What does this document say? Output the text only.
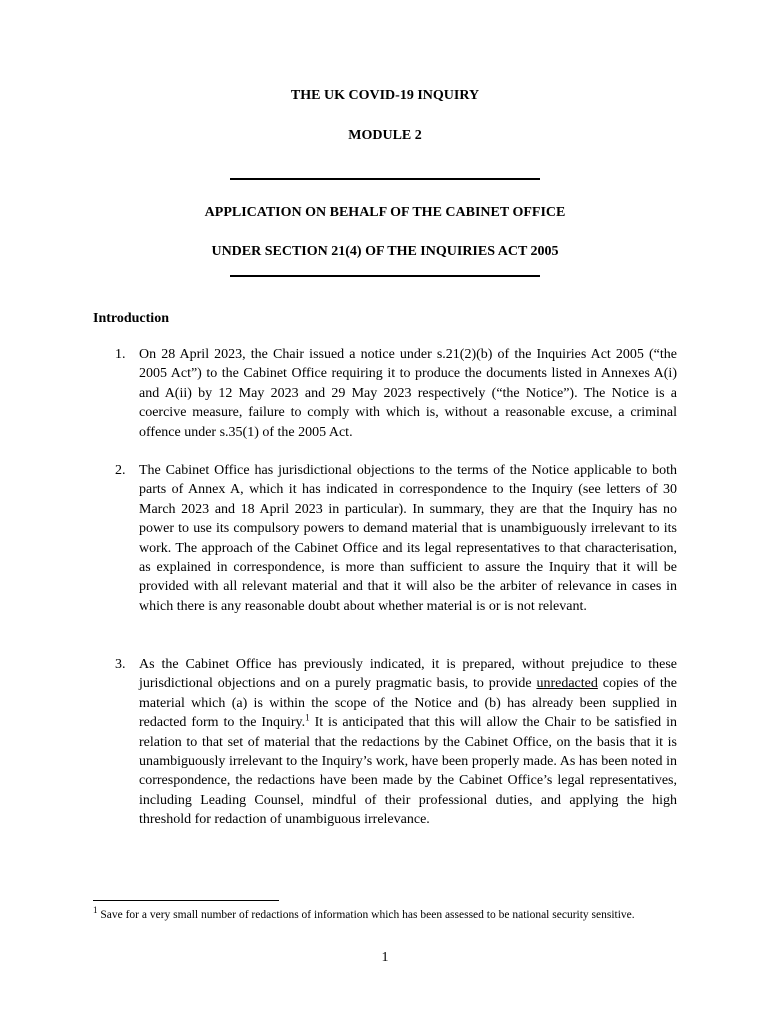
THE UK COVID-19 INQUIRY
MODULE 2
APPLICATION ON BEHALF OF THE CABINET OFFICE
UNDER SECTION 21(4) OF THE INQUIRIES ACT 2005
Introduction
1. On 28 April 2023, the Chair issued a notice under s.21(2)(b) of the Inquiries Act 2005 (“the 2005 Act”) to the Cabinet Office requiring it to produce the documents listed in Annexes A(i) and A(ii) by 12 May 2023 and 29 May 2023 respectively (“the Notice”). The Notice is a coercive measure, failure to comply with which is, without a reasonable excuse, a criminal offence under s.35(1) of the 2005 Act.
2. The Cabinet Office has jurisdictional objections to the terms of the Notice applicable to both parts of Annex A, which it has indicated in correspondence to the Inquiry (see letters of 30 March 2023 and 18 April 2023 in particular). In summary, they are that the Inquiry has no power to use its compulsory powers to demand material that is unambiguously irrelevant to its work. The approach of the Cabinet Office and its legal representatives to that characterisation, as explained in correspondence, is more than sufficient to assure the Inquiry that it will be provided with all relevant material and that it will also be the arbiter of relevance in cases in which there is any reasonable doubt about whether material is or is not relevant.
3. As the Cabinet Office has previously indicated, it is prepared, without prejudice to these jurisdictional objections and on a purely pragmatic basis, to provide unredacted copies of the material which (a) is within the scope of the Notice and (b) has already been supplied in redacted form to the Inquiry.$^1$ It is anticipated that this will allow the Chair to be satisfied in relation to that set of material that the redactions by the Cabinet Office, on the basis that it is unambiguously irrelevant to the Inquiry’s work, have been properly made. As has been noted in correspondence, the redactions have been made by the Cabinet Office’s legal representatives, including Leading Counsel, mindful of their professional duties, and applying the high threshold for redaction of unambiguous irrelevance.
$^1$ Save for a very small number of redactions of information which has been assessed to be national security sensitive.
1
